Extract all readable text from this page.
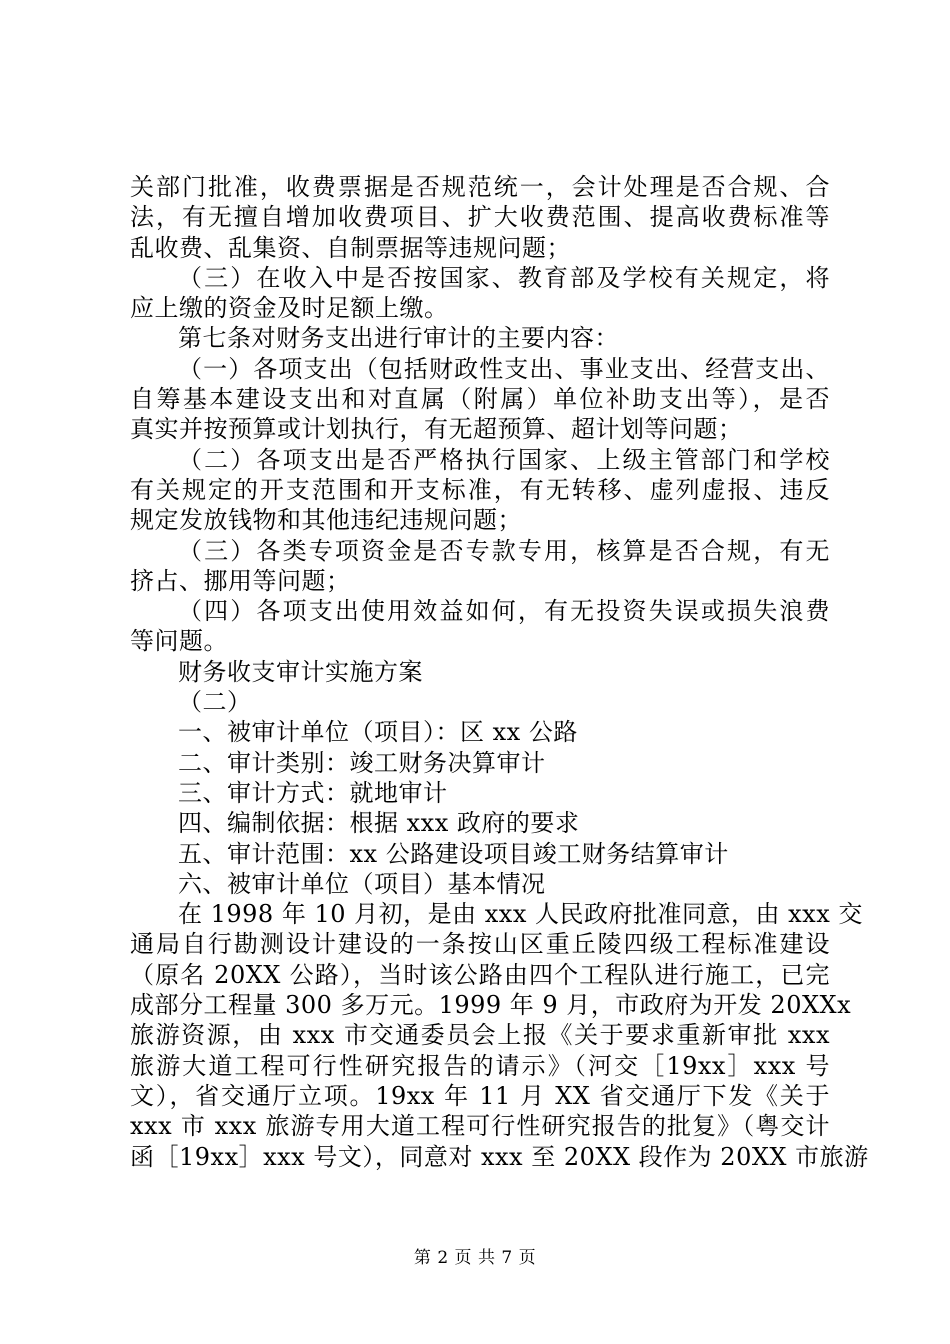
关部门批准，收费票据是否规范统一，会计处理是否合规、合
法，有无擅自增加收费项目、扩大收费范围、提高收费标准等
乱收费、乱集资、自制票据等违规问题；
（三）在收入中是否按国家、教育部及学校有关规定，将
应上缴的资金及时足额上缴。
第七条对财务支出进行审计的主要内容：
（一）各项支出（包括财政性支出、事业支出、经营支出、
自筹基本建设支出和对直属（附属）单位补助支出等），是否
真实并按预算或计划执行，有无超预算、超计划等问题；
（二）各项支出是否严格执行国家、上级主管部门和学校
有关规定的开支范围和开支标准，有无转移、虚列虚报、违反
规定发放钱物和其他违纪违规问题；
（三）各类专项资金是否专款专用，核算是否合规，有无
挤占、挪用等问题；
（四）各项支出使用效益如何，有无投资失误或损失浪费
等问题。
财务收支审计实施方案
（二）
一、被审计单位（项目）：区 xx 公路
二、审计类别：竣工财务决算审计
三、审计方式：就地审计
四、编制依据：根据 xxx 政府的要求
五、审计范围：xx 公路建设项目竣工财务结算审计
六、被审计单位（项目）基本情况
在 1998 年 10 月初，是由 xxx 人民政府批准同意，由 xxx 交
通局自行勘测设计建设的一条按山区重丘陵四级工程标准建设
（原名 20XX 公路），当时该公路由四个工程队进行施工，已完
成部分工程量 300 多万元。1999 年 9 月，市政府为开发 20XXx
旅游资源，由 xxx 市交通委员会上报《关于要求重新审批 xxx
旅游大道工程可行性研究报告的请示》（河交［19xx］xxx 号
文），省交通厅立项。19xx 年 11 月 XX 省交通厅下发《关于
xxx 市 xxx 旅游专用大道工程可行性研究报告的批复》（粤交计
函［19xx］xxx 号文），同意对 xxx 至 20XX 段作为 20XX 市旅游
第 2 页 共 7 页
